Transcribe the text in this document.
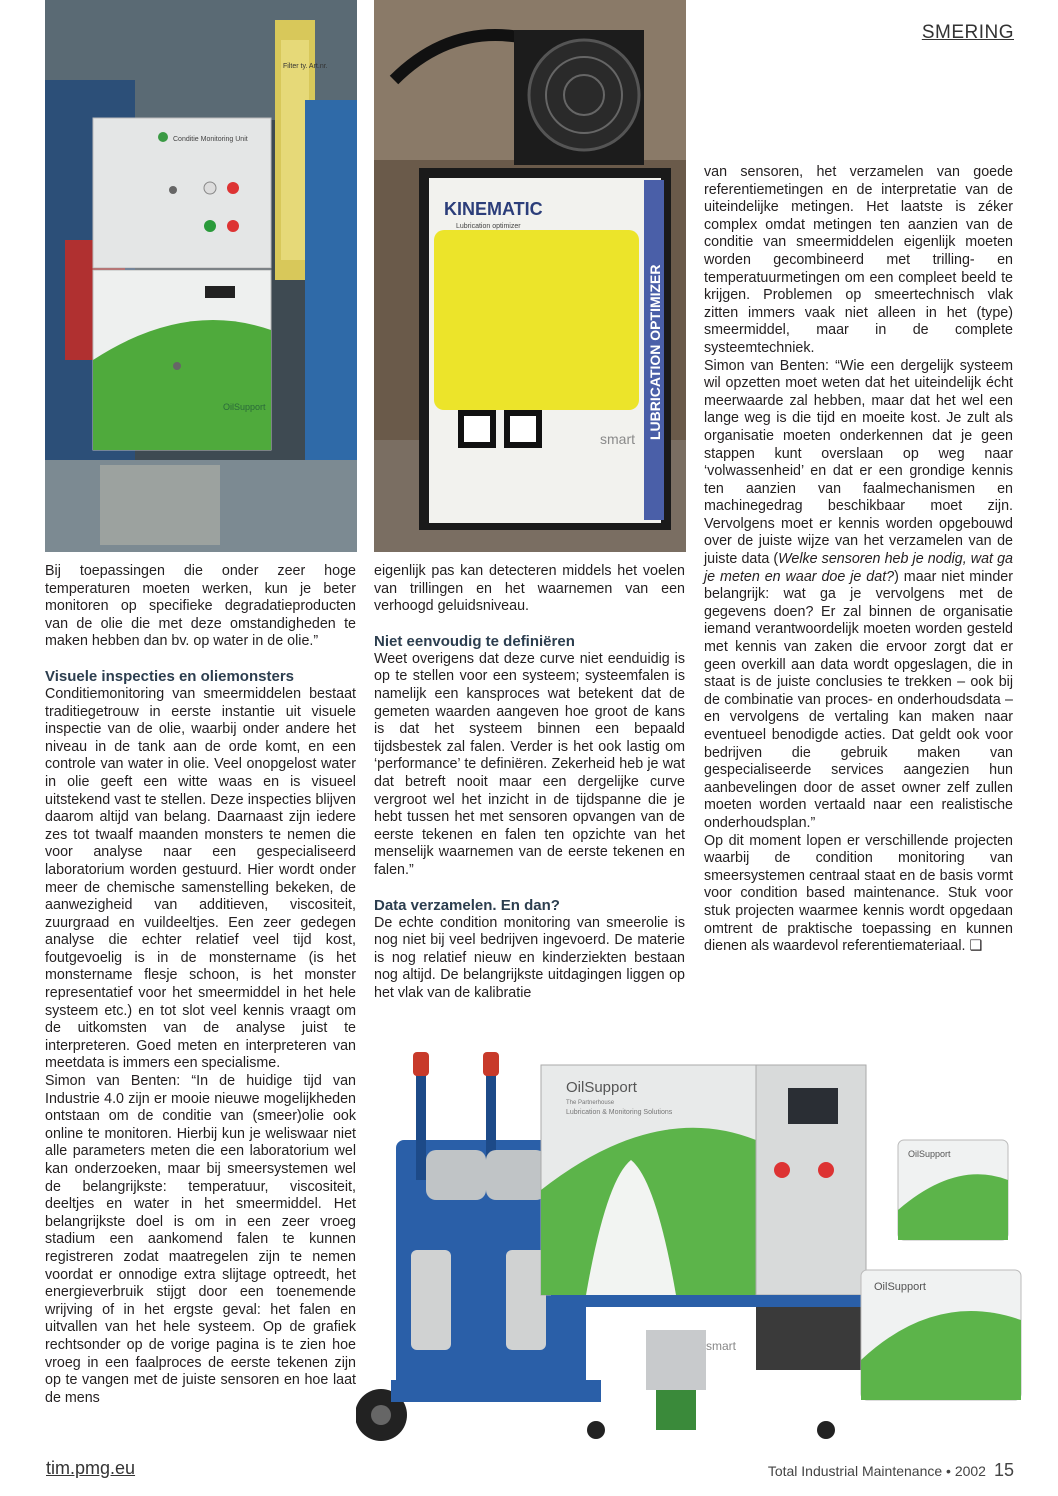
SMERING
Filter ty. Art.nr.
Conditie Monitoring Unit
OilSupport	LUBRICATION OPTIMIZER
KINEMATIC
Lubrication optimizer
smart

Bij toepassingen die onder zeer hoge temperaturen moeten werken, kun je beter monitoren op specifieke degradatieproducten van de olie die met deze omstandigheden te maken hebben dan bv. op water in de olie.”

Visuele inspecties en oliemonsters

Conditiemonitoring van smeermiddelen bestaat traditiegetrouw in eerste instantie uit visuele inspectie van de olie, waarbij onder andere het niveau in de tank aan de orde komt, en een controle van water in olie. Veel onopgelost water in olie geeft een witte waas en is visueel uitstekend vast te stellen. Deze inspecties blijven daarom altijd van belang. Daarnaast zijn iedere zes tot twaalf maanden monsters te nemen die voor analyse naar een gespecialiseerd laboratorium worden gestuurd. Hier wordt onder meer de chemische samenstelling bekeken, de aanwezigheid van additieven, viscositeit, zuurgraad en vuildeeltjes. Een zeer gedegen analyse die echter relatief veel tijd kost, foutgevoelig is in de monstername (is het monstername flesje schoon, is het monster representatief voor het smeermiddel in het hele systeem etc.) en tot slot veel kennis vraagt om de uitkomsten van de analyse juist te interpreteren. Goed meten en interpreteren van meetdata is immers een specialisme.

Simon van Benten: “In de huidige tijd van Industrie 4.0 zijn er mooie nieuwe mogelijkheden ontstaan om de conditie van (smeer)olie ook online te monitoren. Hierbij kun je weliswaar niet alle parameters meten die een laboratorium wel kan onderzoeken, maar bij smeersystemen wel de belangrijkste: temperatuur, viscositeit, deeltjes en water in het smeermiddel. Het belangrijkste doel is om in een zeer vroeg stadium een aankomend falen te kunnen registreren zodat maatregelen zijn te nemen voordat er onnodige extra slijtage optreedt, het energieverbruik stijgt door een toenemende wrijving of in het ergste geval: het falen en uitvallen van het hele systeem. Op de grafiek rechtsonder op de vorige pagina is te zien hoe vroeg in een faalproces de eerste tekenen zijn op te vangen met de juiste sensoren en hoe laat de mens

eigenlijk pas kan detecteren middels het voelen van trillingen en het waarnemen van een verhoogd geluidsniveau.

Niet eenvoudig te definiëren

Weet overigens dat deze curve niet eenduidig is op te stellen voor een systeem; systeemfalen is namelijk een kansproces wat betekent dat de gemeten waarden aangeven hoe groot de kans is dat het systeem binnen een bepaald tijdsbestek zal falen. Verder is het ook lastig om ‘performance’ te definiëren. Zekerheid heb je wat dat betreft nooit maar een dergelijke curve vergroot wel het inzicht in de tijdspanne die je hebt tussen het met sensoren opvangen van de eerste tekenen en falen ten opzichte van het menselijk waarnemen van de eerste tekenen en falen.”

Data verzamelen. En dan?

De echte condition monitoring van smeerolie is nog niet bij veel bedrijven ingevoerd. De materie is nog relatief nieuw en kinderziekten bestaan nog altijd. De belangrijkste uitdagingen liggen op het vlak van de kalibratie

van sensoren, het verzamelen van goede referentiemetingen en de interpretatie van de uiteindelijke metingen. Het laatste is zéker complex omdat metingen ten aanzien van de conditie van smeermiddelen eigenlijk moeten worden gecombineerd met trilling- en temperatuurmetingen om een compleet beeld te krijgen. Problemen op smeertechnisch vlak zitten immers vaak niet alleen in het (type) smeermiddel, maar in de complete systeemtechniek.

Simon van Benten: “Wie een dergelijk systeem wil opzetten moet weten dat het uiteindelijk écht meerwaarde zal hebben, maar dat het wel een lange weg is die tijd en moeite kost. Je zult als organisatie moeten onderkennen dat je geen stappen kunt overslaan op weg naar ‘volwassenheid’ en dat er een grondige kennis ten aanzien van faalmechanismen en machinegedrag beschikbaar moet zijn. Vervolgens moet er kennis worden opgebouwd over de juiste wijze van het verzamelen van de juiste data (Welke sensoren heb je nodig, wat ga je meten en waar doe je dat?) maar niet minder belangrijk: wat ga je vervolgens met de gegevens doen? Er zal binnen de organisatie iemand verantwoordelijk moeten worden gesteld met kennis van zaken die ervoor zorgt dat er geen overkill aan data wordt opgeslagen, die in staat is de juiste conclusies te trekken – ook bij de combinatie van proces- en onderhoudsdata – en vervolgens de vertaling kan maken naar eventueel benodigde acties. Dat geldt ook voor bedrijven die gebruik maken van gespecialiseerde services aangezien hun aanbevelingen door de asset owner zelf zullen moeten worden vertaald naar een realistische onderhoudsplan.”

Op dit moment lopen er verschillende projecten waarbij de condition monitoring van smeersystemen centraal staat en de basis vormt voor condition based maintenance. Stuk voor stuk projecten waarmee kennis wordt opgedaan omtrent de praktische toepassing en kunnen dienen als waardevol referentiemateriaal. ❑

OilSupport
The Partnerhouse
Lubrication & Monitoring Solutions
smart
OilSupport
OilSupport
tim.pmg.eu	Total Industrial Maintenance • 2002 15
